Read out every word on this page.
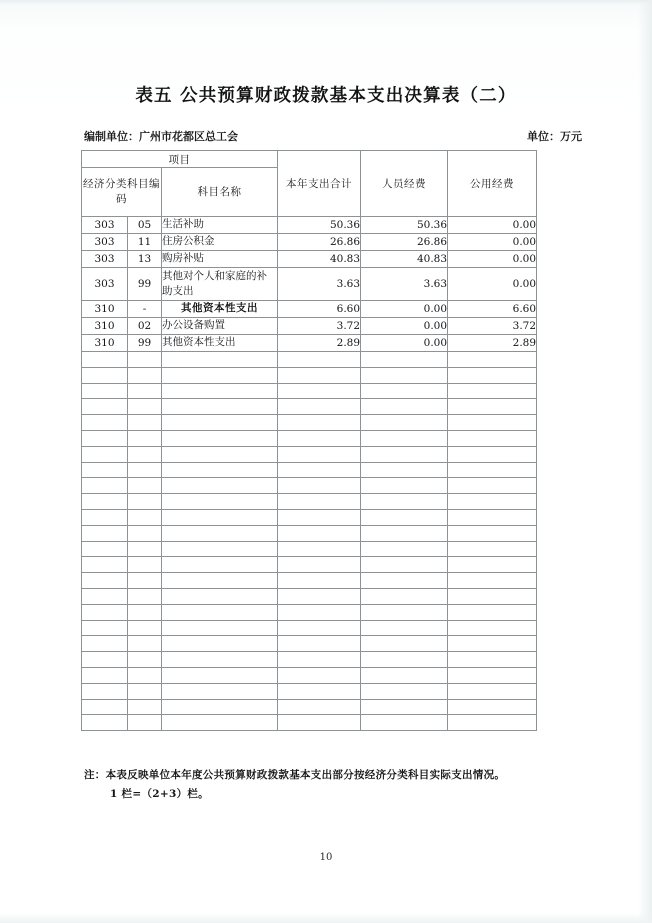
表五 公共预算财政拨款基本支出决算表（二）
编制单位：广州市花都区总工会	单位：万元
项目			本年支出合计	人员经费	公用经费
经济分类科目编码		科目名称			
303	05	生活补助	50.36	50.36	0.00
303	11	住房公积金	26.86	26.86	0.00
303	13	购房补贴	40.83	40.83	0.00
303	99	其他对个人和家庭的补助支出	3.63	3.63	0.00
310	-	其他资本性支出	6.60	0.00	6.60
310	02	办公设备购置	3.72	0.00	3.72
310	99	其他资本性支出	2.89	0.00	2.89

注：本表反映单位本年度公共预算财政拨款基本支出部分按经济分类科目实际支出情况。
1 栏=（2+3）栏。
10
